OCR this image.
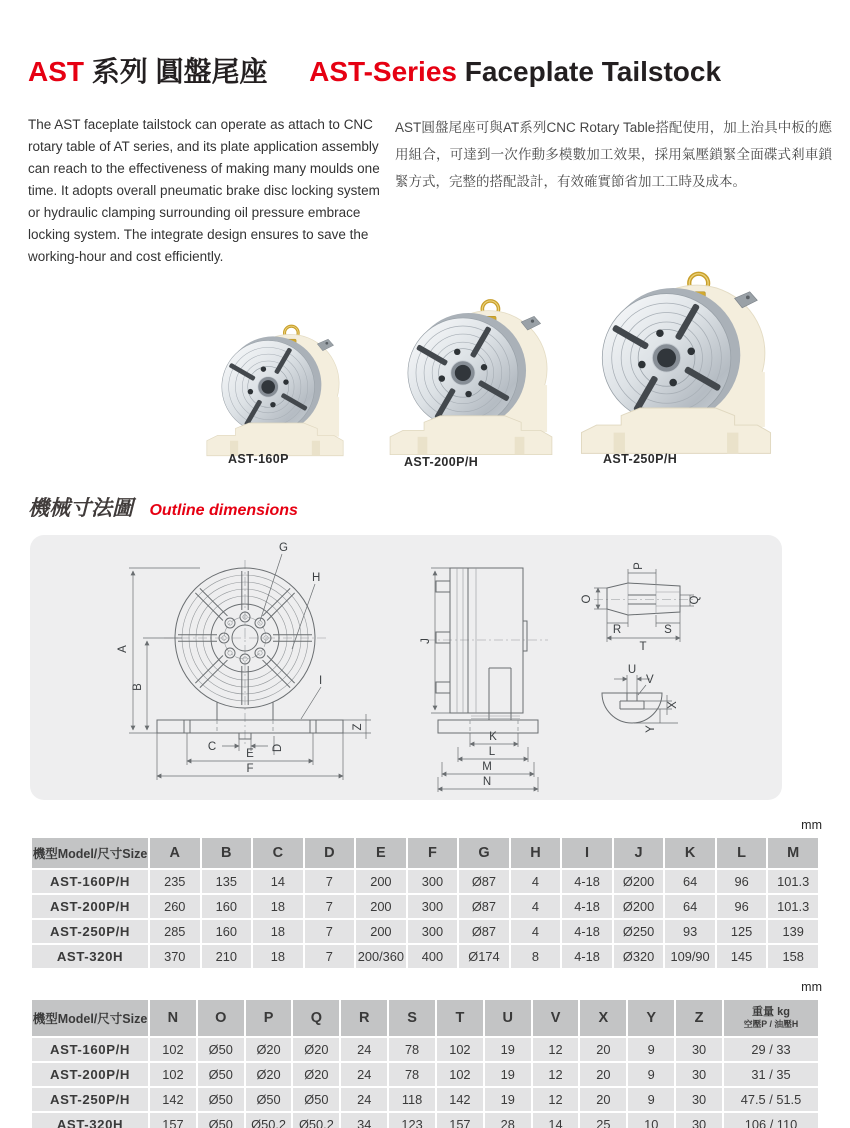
AST 系列 圓盤尾座 AST-Series Faceplate Tailstock

The AST faceplate tailstock can operate as attach to CNC rotary table of AT series, and its plate application assembly can reach to the effectiveness of making many moulds one time. It adopts overall pneumatic brake disc locking system or hydraulic clamping surrounding oil pressure embrace locking system. The integrate design ensures to save the working-hour and cost efficiently.

AST圓盤尾座可與AT系列CNC Rotary Table搭配使用，加上治具中板的應用組合，可達到一次作動多模數加工效果，採用氣壓鎖緊全面碟式剎車鎖緊方式，完整的搭配設計，有效確實節省加工工時及成本。

AST-160P	AST-200P/H	AST-250P/H
機械寸法圖 Outline dimensions
A
B
G
H
I
Z
C	D
E
F
J
K
L
M
N
O
P
Q
R	S
T
U
V
X
Y
mm
mm
機型Model/尺寸Size	A	B	C	D	E	F	G	H	I	J	K	L	M
AST-160P/H	235	135	14	7	200	300	Ø87	4	4-18	Ø200	64	96	101.3
AST-200P/H	260	160	18	7	200	300	Ø87	4	4-18	Ø200	64	96	101.3
AST-250P/H	285	160	18	7	200	300	Ø87	4	4-18	Ø250	93	125	139
AST-320H	370	210	18	7	200/360	400	Ø174	8	4-18	Ø320	109/90	145	158
機型Model/尺寸Size	N	O	P	Q	R	S	T	U	V	X	Y	Z	重量 kg
空壓P / 油壓H

AST-160P/H	102	Ø50	Ø20	Ø20	24	78	102	19	12	20	9	30	29 / 33
AST-200P/H	102	Ø50	Ø20	Ø20	24	78	102	19	12	20	9	30	31 / 35
AST-250P/H	142	Ø50	Ø50	Ø50	24	118	142	19	12	20	9	30	47.5 / 51.5
AST-320H	157	Ø50	Ø50.2	Ø50.2	34	123	157	28	14	25	10	30	106 / 110
